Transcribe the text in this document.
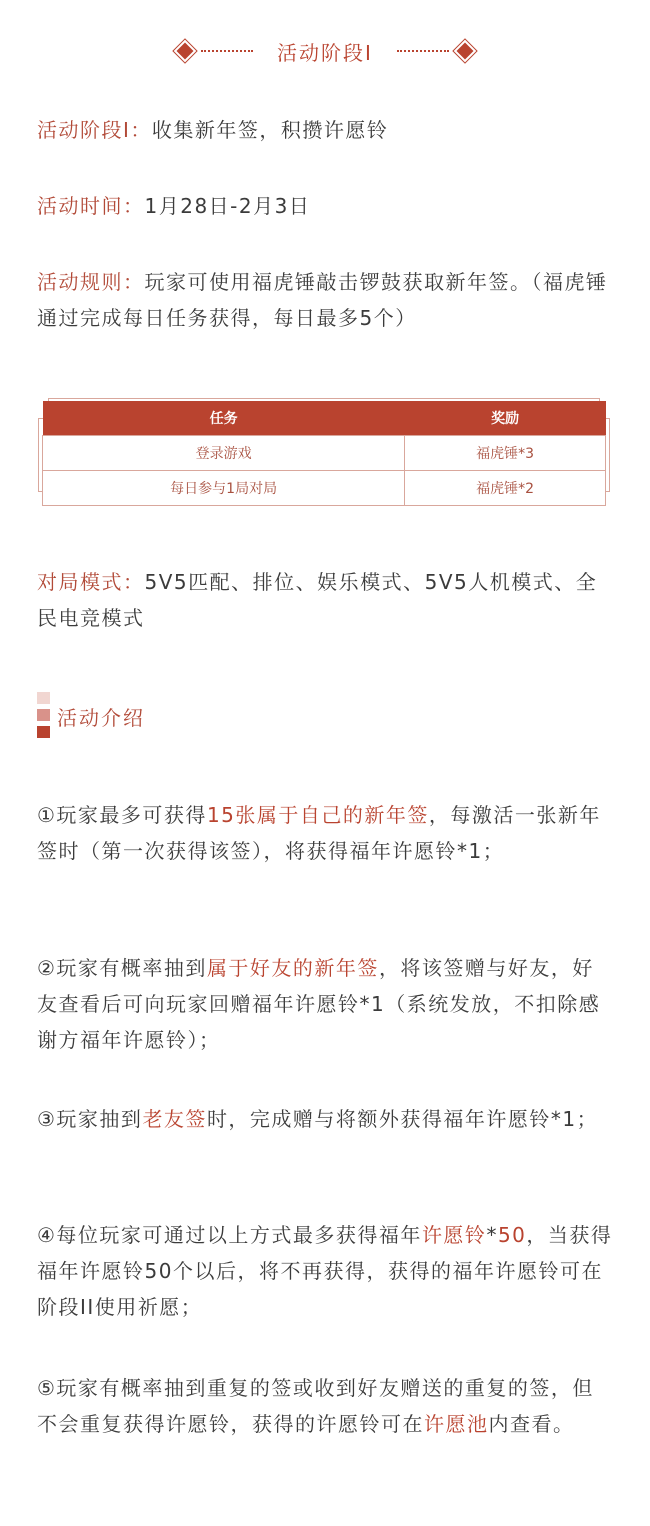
活动阶段I
活动阶段I：收集新年签，积攒许愿铃
活动时间：1月28日-2月3日
活动规则：玩家可使用福虎锤敲击锣鼓获取新年签。（福虎锤通过完成每日任务获得，每日最多5个）
任务	奖励
登录游戏	福虎锤*3
每日参与1局对局	福虎锤*2
对局模式：5V5匹配、排位、娱乐模式、5V5人机模式、全民电竞模式
活动介绍
①玩家最多可获得15张属于自己的新年签，每激活一张新年签时（第一次获得该签），将获得福年许愿铃*1；
②玩家有概率抽到属于好友的新年签，将该签赠与好友，好友查看后可向玩家回赠福年许愿铃*1（系统发放，不扣除感谢方福年许愿铃）；
③玩家抽到老友签时，完成赠与将额外获得福年许愿铃*1；
④每位玩家可通过以上方式最多获得福年许愿铃*50，当获得福年许愿铃50个以后，将不再获得，获得的福年许愿铃可在阶段II使用祈愿；
⑤玩家有概率抽到重复的签或收到好友赠送的重复的签，但不会重复获得许愿铃，获得的许愿铃可在许愿池内查看。
